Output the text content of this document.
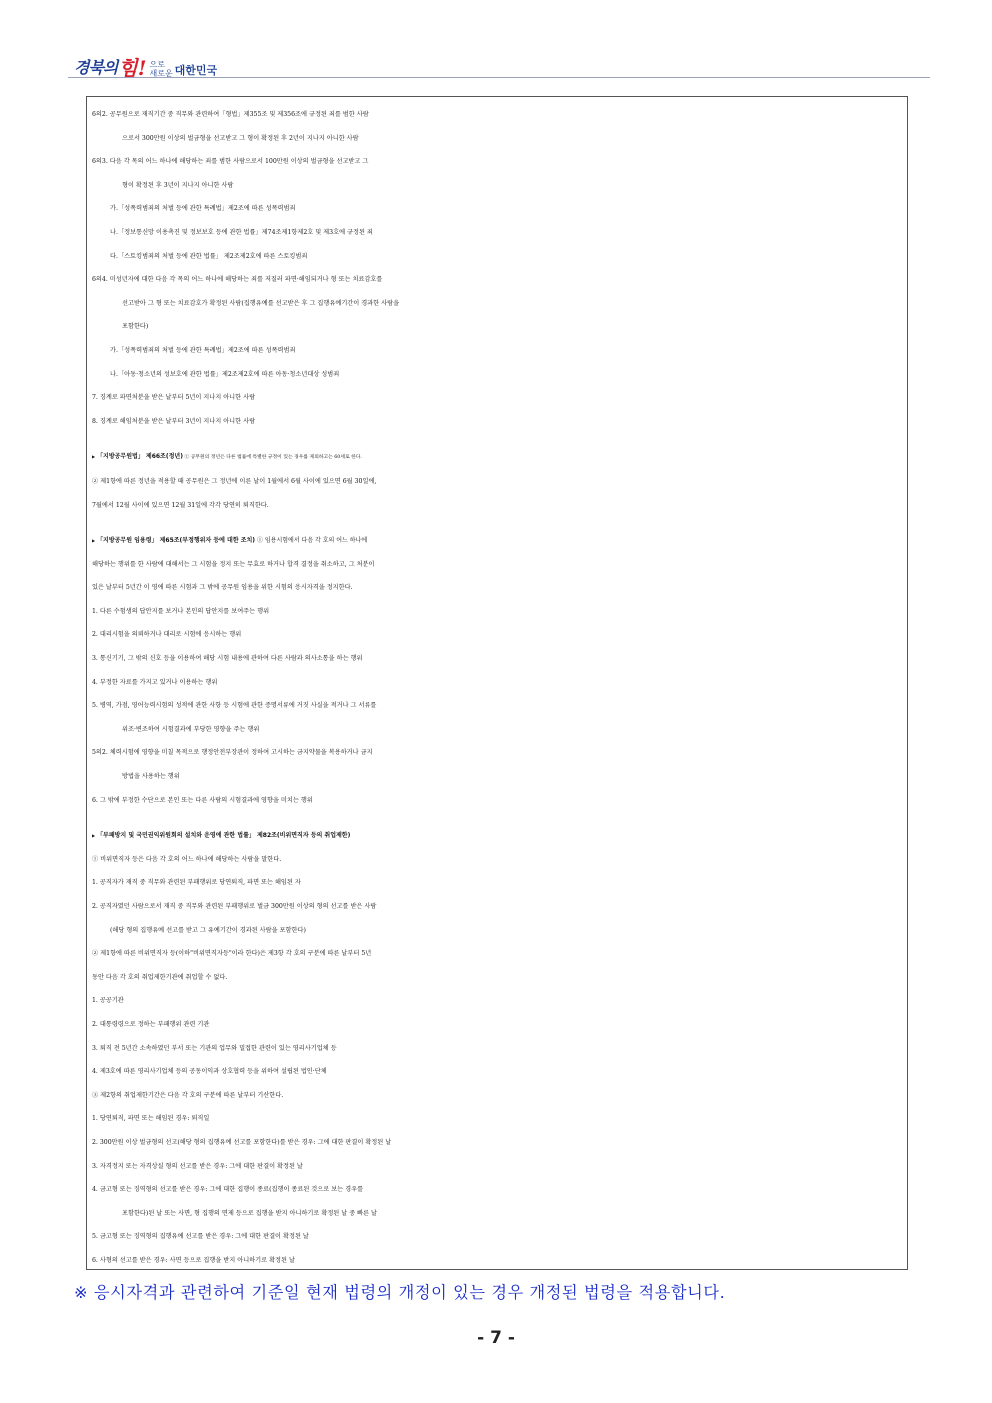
경북의 힘! 으로
새로운 대한민국
6의2. 공무원으로 재직기간 중 직무와 관련하여「형법」제355조 및 제356조에 규정된 죄를 범한 사람
으로서 300만원 이상의 벌금형을 선고받고 그 형이 확정된 후 2년이 지나지 아니한 사람
6의3. 다음 각 목의 어느 하나에 해당하는 죄를 범한 사람으로서 100만원 이상의 벌금형을 선고받고 그
형이 확정된 후 3년이 지나지 아니한 사람
가.「성폭력범죄의 처벌 등에 관한 특례법」제2조에 따른 성폭력범죄
나.「정보통신망 이용촉진 및 정보보호 등에 관한 법률」제74조제1항제2호 및 제3호에 규정된 죄
다.「스토킹범죄의 처벌 등에 관한 법률」 제2조제2호에 따른 스토킹범죄
6의4. 미성년자에 대한 다음 각 목의 어느 하나에 해당하는 죄를 저질러 파면·해임되거나 형 또는 치료감호를
선고받아 그 형 또는 치료감호가 확정된 사람(집행유예를 선고받은 후 그 집행유예기간이 경과한 사람을
포함한다)
가.「성폭력범죄의 처벌 등에 관한 특례법」제2조에 따른 성폭력범죄
나.「아동·청소년의 성보호에 관한 법률」제2조제2호에 따른 아동·청소년대상 성범죄
7. 징계로 파면처분을 받은 날부터 5년이 지나지 아니한 사람
8. 징계로 해임처분을 받은 날부터 3년이 지나지 아니한 사람
▶ 「지방공무원법」 제66조(정년) ① 공무원의 정년은 다른 법률에 특별한 규정이 있는 경우를 제외하고는 60세로 한다.
② 제1항에 따른 정년을 적용할 때 공무원은 그 정년에 이른 날이 1월에서 6월 사이에 있으면 6월 30일에,
7월에서 12월 사이에 있으면 12월 31일에 각각 당연히 퇴직한다.
▶ 「지방공무원 임용령」 제65조(부정행위자 등에 대한 조치) ① 임용시험에서 다음 각 호의 어느 하나에
해당하는 행위를 한 사람에 대해서는 그 시험을 정지 또는 무효로 하거나 합격 결정을 취소하고, 그 처분이
있은 날부터 5년간 이 영에 따른 시험과 그 밖에 공무원 임용을 위한 시험의 응시자격을 정지한다.
1. 다른 수험생의 답안지를 보거나 본인의 답안지를 보여주는 행위
2. 대리시험을 의뢰하거나 대리로 시험에 응시하는 행위
3. 통신기기, 그 밖의 신호 등을 이용하여 해당 시험 내용에 관하여 다른 사람과 의사소통을 하는 행위
4. 부정한 자료를 가지고 있거나 이용하는 행위
5. 병역, 가점, 영어능력시험의 성적에 관한 사항 등 시험에 관한 증명서류에 거짓 사실을 적거나 그 서류를
위조·변조하여 시험결과에 부당한 영향을 주는 행위
5의2. 체력시험에 영향을 미칠 목적으로 행정안전부장관이 정하여 고시하는 금지약물을 복용하거나 금지
방법을 사용하는 행위
6. 그 밖에 부정한 수단으로 본인 또는 다른 사람의 시험결과에 영향을 미치는 행위
▶ 「부패방지 및 국민권익위원회의 설치와 운영에 관한 법률」 제82조(비위면직자 등의 취업제한)
① 비위면직자 등은 다음 각 호의 어느 하나에 해당하는 사람을 말한다.
1. 공직자가 재직 중 직무와 관련된 부패행위로 당연퇴직, 파면 또는 해임된 자
2. 공직자였던 사람으로서 재직 중 직무와 관련된 부패행위로 벌금 300만원 이상의 형의 선고를 받은 사람
(해당 형의 집행유예 선고를 받고 그 유예기간이 경과된 사람을 포함한다)
② 제1항에 따른 비위면직자 등(이하"비위면직자등"이라 한다)은 제3항 각 호의 구분에 따른 날부터 5년
동안 다음 각 호의 취업제한기관에 취업할 수 없다.
1. 공공기관
2. 대통령령으로 정하는 부패행위 관련 기관
3. 퇴직 전 5년간 소속하였던 부서 또는 기관의 업무와 밀접한 관련이 있는 영리사기업체 등
4. 제3호에 따른 영리사기업체 등의 공동이익과 상호협력 등을 위하여 설립된 법인·단체
③ 제2항의 취업제한기간은 다음 각 호의 구분에 따른 날부터 기산한다.
1. 당연퇴직, 파면 또는 해임된 경우: 퇴직일
2. 300만원 이상 벌금형의 선고(해당 형의 집행유예 선고를 포함한다)를 받은 경우: 그에 대한 판결이 확정된 날
3. 자격정지 또는 자격상실 형의 선고를 받은 경우: 그에 대한 판결이 확정된 날
4. 금고형 또는 징역형의 선고를 받은 경우: 그에 대한 집행이 종료(집행이 종료된 것으로 보는 경우를
포함한다)된 날 또는 사면, 형 집행의 면제 등으로 집행을 받지 아니하기로 확정된 날 중 빠른 날
5. 금고형 또는 징역형의 집행유예 선고를 받은 경우: 그에 대한 판결이 확정된 날
6. 사형의 선고를 받은 경우: 사면 등으로 집행을 받지 아니하기로 확정된 날
※ 응시자격과 관련하여 기준일 현재 법령의 개정이 있는 경우 개정된 법령을 적용합니다.
- 7 -
